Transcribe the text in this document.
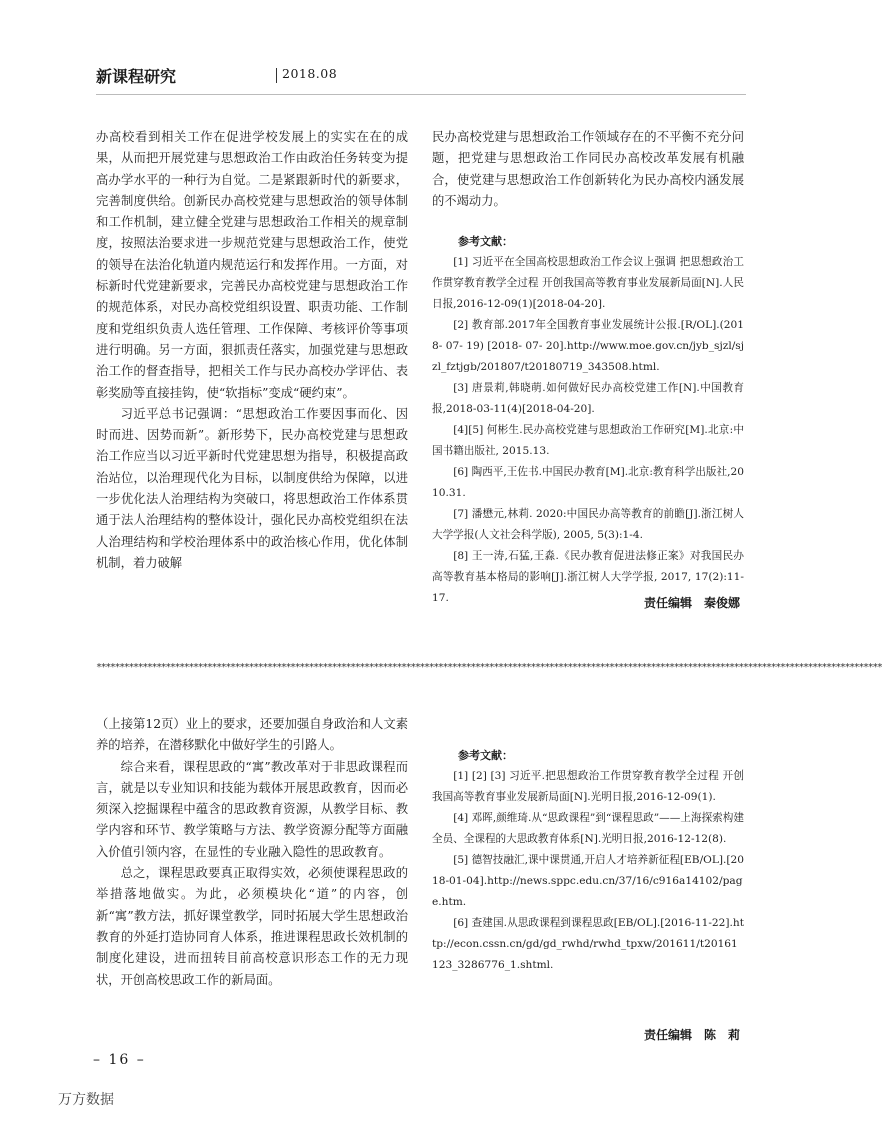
新课程研究	2018.08

办高校看到相关工作在促进学校发展上的实实在在的成果，从而把开展党建与思想政治工作由政治任务转变为提高办学水平的一种行为自觉。二是紧跟新时代的新要求，完善制度供给。创新民办高校党建与思想政治的领导体制和工作机制，建立健全党建与思想政治工作相关的规章制度，按照法治要求进一步规范党建与思想政治工作，使党的领导在法治化轨道内规范运行和发挥作用。一方面，对标新时代党建新要求，完善民办高校党建与思想政治工作的规范体系，对民办高校党组织设置、职责功能、工作制度和党组织负责人选任管理、工作保障、考核评价等事项进行明确。另一方面，狠抓责任落实，加强党建与思想政治工作的督查指导，把相关工作与民办高校办学评估、表彰奖励等直接挂钩，使“软指标”变成“硬约束”。

习近平总书记强调：“思想政治工作要因事而化、因时而进、因势而新”。新形势下，民办高校党建与思想政治工作应当以习近平新时代党建思想为指导，积极提高政治站位，以治理现代化为目标，以制度供给为保障，以进一步优化法人治理结构为突破口，将思想政治工作体系贯通于法人治理结构的整体设计，强化民办高校党组织在法人治理结构和学校治理体系中的政治核心作用，优化体制机制，着力破解

民办高校党建与思想政治工作领域存在的不平衡不充分问题，把党建与思想政治工作同民办高校改革发展有机融合，使党建与思想政治工作创新转化为民办高校内涵发展的不竭动力。

参考文献：

[1] 习近平在全国高校思想政治工作会议上强调 把思想政治工作贯穿教育教学全过程 开创我国高等教育事业发展新局面[N].人民日报,2016-12-09(1)[2018-04-20].

[2] 教育部.2017年全国教育事业发展统计公报.[R/OL].(2018- 07- 19) [2018- 07- 20].http://www.moe.gov.cn/jyb_sjzl/sjzl_fztjgb/201807/t20180719_343508.html.

[3] 唐景莉,韩晓萌.如何做好民办高校党建工作[N].中国教育报,2018-03-11(4)[2018-04-20].

[4][5] 何彬生.民办高校党建与思想政治工作研究[M].北京:中国书籍出版社, 2015.13.

[6] 陶西平,王佐书.中国民办教育[M].北京:教育科学出版社,2010.31.

[7] 潘懋元,林莉. 2020:中国民办高等教育的前瞻[J].浙江树人大学学报(人文社会科学版), 2005, 5(3):1-4.

[8] 王一涛,石猛,王淼.《民办教育促进法修正案》对我国民办高等教育基本格局的影响[J].浙江树人大学学报, 2017, 17(2):11-17.	责任编辑　秦俊娜

**************************************************************************************************************************************************************************

（上接第12页）业上的要求，还要加强自身政治和人文素养的培养，在潜移默化中做好学生的引路人。

综合来看，课程思政的“寓”教改革对于非思政课程而言，就是以专业知识和技能为载体开展思政教育，因而必须深入挖掘课程中蕴含的思政教育资源，从教学目标、教学内容和环节、教学策略与方法、教学资源分配等方面融入价值引领内容，在显性的专业融入隐性的思政教育。

总之，课程思政要真正取得实效，必须使课程思政的举措落地做实。为此，必须模块化“道”的内容，创新“寓”教方法，抓好课堂教学，同时拓展大学生思想政治教育的外延打造协同育人体系，推进课程思政长效机制的制度化建设，进而扭转目前高校意识形态工作的无力现状，开创高校思政工作的新局面。

参考文献：

[1] [2] [3] 习近平.把思想政治工作贯穿教育教学全过程 开创我国高等教育事业发展新局面[N].光明日报,2016-12-09(1).

[4] 邓晖,颜维琦.从“思政课程”到“课程思政”——上海探索构建全员、全课程的大思政教育体系[N].光明日报,2016-12-12(8).

[5] 德智技融汇,课中课贯通,开启人才培养新征程[EB/OL].[2018-01-04].http://news.sppc.edu.cn/37/16/c916a14102/page.htm.

[6] 查建国.从思政课程到课程思政[EB/OL].[2016-11-22].http://econ.cssn.cn/gd/gd_rwhd/rwhd_tpxw/201611/t20161123_3286776_1.shtml.

责任编辑　陈　莉

– 16 –
万方数据
